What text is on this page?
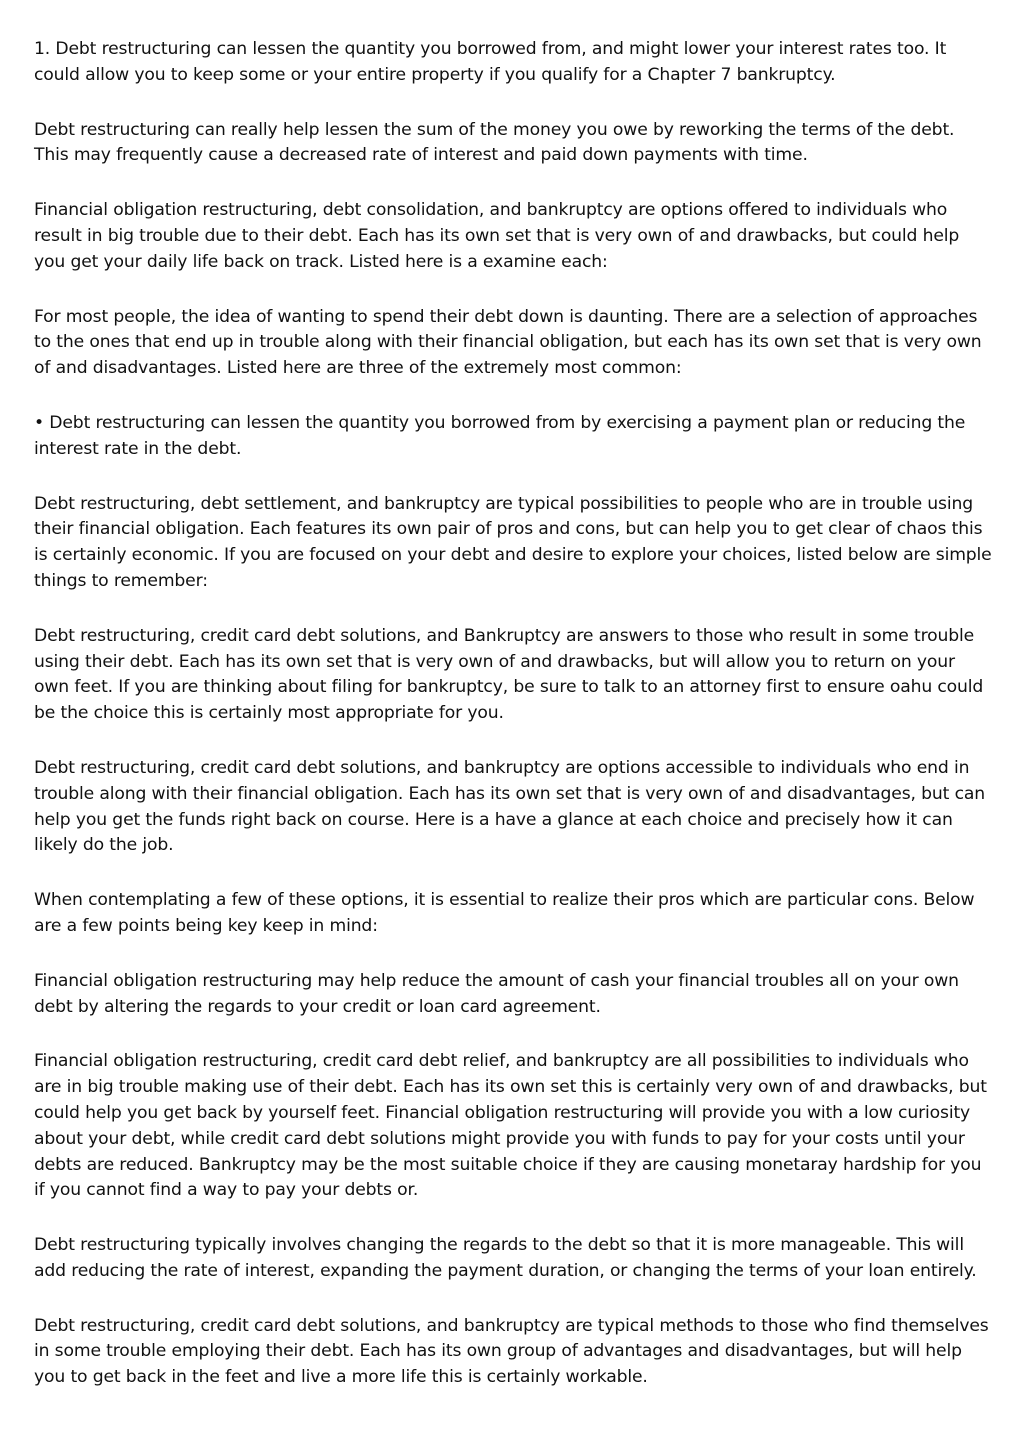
1. Debt restructuring can lessen the quantity you borrowed from, and might lower your interest rates too. It could allow you to keep some or your entire property if you qualify for a Chapter 7 bankruptcy.

Debt restructuring can really help lessen the sum of the money you owe by reworking the terms of the debt. This may frequently cause a decreased rate of interest and paid down payments with time.

Financial obligation restructuring, debt consolidation, and bankruptcy are options offered to individuals who result in big trouble due to their debt. Each has its own set that is very own of and drawbacks, but could help you get your daily life back on track. Listed here is a examine each:

For most people, the idea of wanting to spend their debt down is daunting. There are a selection of approaches to the ones that end up in trouble along with their financial obligation, but each has its own set that is very own of and disadvantages. Listed here are three of the extremely most common:

• Debt restructuring can lessen the quantity you borrowed from by exercising a payment plan or reducing the interest rate in the debt.

Debt restructuring, debt settlement, and bankruptcy are typical possibilities to people who are in trouble using their financial obligation. Each features its own pair of pros and cons, but can help you to get clear of chaos this is certainly economic. If you are focused on your debt and desire to explore your choices, listed below are simple things to remember:

Debt restructuring, credit card debt solutions, and Bankruptcy are answers to those who result in some trouble using their debt. Each has its own set that is very own of and drawbacks, but will allow you to return on your own feet. If you are thinking about filing for bankruptcy, be sure to talk to an attorney first to ensure oahu could be the choice this is certainly most appropriate for you.

Debt restructuring, credit card debt solutions, and bankruptcy are options accessible to individuals who end in trouble along with their financial obligation. Each has its own set that is very own of and disadvantages, but can help you get the funds right back on course. Here is a have a glance at each choice and precisely how it can likely do the job.

When contemplating a few of these options, it is essential to realize their pros which are particular cons. Below are a few points being key keep in mind:

Financial obligation restructuring may help reduce the amount of cash your financial troubles all on your own debt by altering the regards to your credit or loan card agreement.

Financial obligation restructuring, credit card debt relief, and bankruptcy are all possibilities to individuals who are in big trouble making use of their debt. Each has its own set this is certainly very own of and drawbacks, but could help you get back by yourself feet. Financial obligation restructuring will provide you with a low curiosity about your debt, while credit card debt solutions might provide you with funds to pay for your costs until your debts are reduced. Bankruptcy may be the most suitable choice if they are causing monetaray hardship for you if you cannot find a way to pay your debts or.

Debt restructuring typically involves changing the regards to the debt so that it is more manageable. This will add reducing the rate of interest, expanding the payment duration, or changing the terms of your loan entirely.

Debt restructuring, credit card debt solutions, and bankruptcy are typical methods to those who find themselves in some trouble employing their debt. Each has its own group of advantages and disadvantages, but will help you to get back in the feet and live a more life this is certainly workable.
